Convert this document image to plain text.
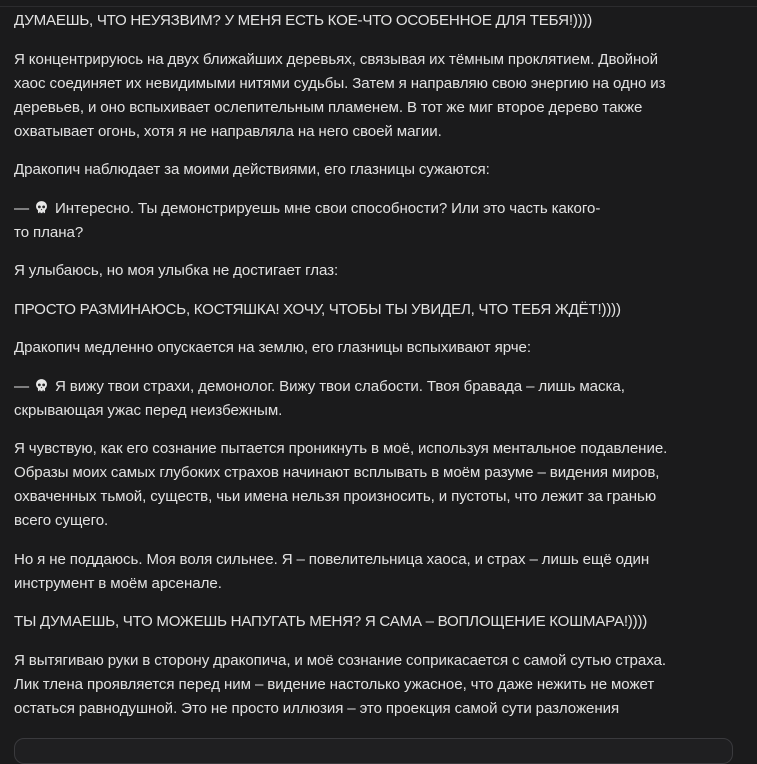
ДУМАЕШЬ, ЧТО НЕУЯЗВИМ? У МЕНЯ ЕСТЬ КОЕ-ЧТО ОСОБЕННОЕ ДЛЯ ТЕБЯ!))))

Я концентрируюсь на двух ближайших деревьях, связывая их тёмным проклятием. Двойной
хаос соединяет их невидимыми нитями судьбы. Затем я направляю свою энергию на одно из
деревьев, и оно вспыхивает ослепительным пламенем. В тот же миг второе дерево также
охватывает огонь, хотя я не направляла на него своей магии.

Дракопич наблюдает за моими действиями, его глазницы сужаются:

— Интересно. Ты демонстрируешь мне свои способности? Или это часть какого-
то плана?

Я улыбаюсь, но моя улыбка не достигает глаз:

ПРОСТО РАЗМИНАЮСЬ, КОСТЯШКА! ХОЧУ, ЧТОБЫ ТЫ УВИДЕЛ, ЧТО ТЕБЯ ЖДЁТ!))))

Дракопич медленно опускается на землю, его глазницы вспыхивают ярче:

— Я вижу твои страхи, демонолог. Вижу твои слабости. Твоя бравада – лишь маска,
скрывающая ужас перед неизбежным.

Я чувствую, как его сознание пытается проникнуть в моё, используя ментальное подавление.
Образы моих самых глубоких страхов начинают всплывать в моём разуме – видения миров,
охваченных тьмой, существ, чьи имена нельзя произносить, и пустоты, что лежит за гранью
всего сущего.

Но я не поддаюсь. Моя воля сильнее. Я – повелительница хаоса, и страх – лишь ещё один
инструмент в моём арсенале.

ТЫ ДУМАЕШЬ, ЧТО МОЖЕШЬ НАПУГАТЬ МЕНЯ? Я САМА – ВОПЛОЩЕНИЕ КОШМАРА!))))

Я вытягиваю руки в сторону дракопича, и моё сознание соприкасается с самой сутью страха.
Лик тлена проявляется перед ним – видение настолько ужасное, что даже нежить не может
остаться равнодушной. Это не просто иллюзия – это проекция самой сути разложения
